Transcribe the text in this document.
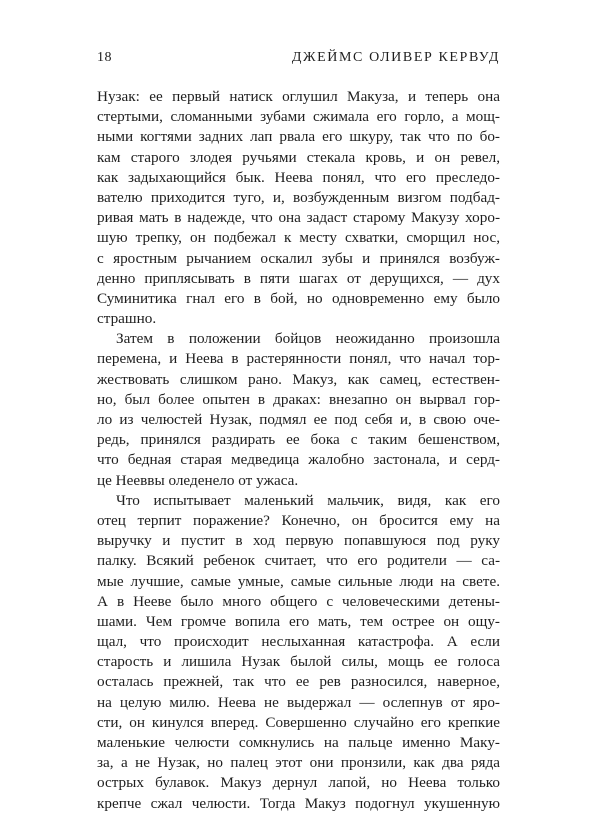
18	ДЖЕЙМС ОЛИВЕР КЕРВУД
Нузак: ее первый натиск оглушил Макуза, и теперь она
стертыми, сломанными зубами сжимала его горло, а мощ-
ными когтями задних лап рвала его шкуру, так что по бо-
кам старого злодея ручьями стекала кровь, и он ревел,
как задыхающийся бык. Неева понял, что его преследо-
вателю приходится туго, и, возбужденным визгом подбад-
ривая мать в надежде, что она задаст старому Макузу хоро-
шую трепку, он подбежал к месту схватки, сморщил нос,
с яростным рычанием оскалил зубы и принялся возбуж-
денно приплясывать в пяти шагах от дерущихся, — дух
Суминитика гнал его в бой, но одновременно ему было
страшно.
Затем в положении бойцов неожиданно произошла
перемена, и Неева в растерянности понял, что начал тор-
жествовать слишком рано. Макуз, как самец, естествен-
но, был более опытен в драках: внезапно он вырвал гор-
ло из челюстей Нузак, подмял ее под себя и, в свою оче-
редь, принялся раздирать ее бока с таким бешенством,
что бедная старая медведица жалобно застонала, и серд-
це Нееввы оледенело от ужаса.
Что испытывает маленький мальчик, видя, как его
отец терпит поражение? Конечно, он бросится ему на
выручку и пустит в ход первую попавшуюся под руку
палку. Всякий ребенок считает, что его родители — са-
мые лучшие, самые умные, самые сильные люди на свете.
А в Нееве было много общего с человеческими детены-
шами. Чем громче вопила его мать, тем острее он ощу-
щал, что происходит неслыханная катастрофа. А если
старость и лишила Нузак былой силы, мощь ее голоса
осталась прежней, так что ее рев разносился, наверное,
на целую милю. Неева не выдержал — ослепнув от яро-
сти, он кинулся вперед. Совершенно случайно его крепкие
маленькие челюсти сомкнулись на пальце именно Маку-
за, а не Нузак, но палец этот они пронзили, как два ряда
острых булавок. Макуз дернул лапой, но Неева только
крепче сжал челюсти. Тогда Макуз подогнул укушенную
